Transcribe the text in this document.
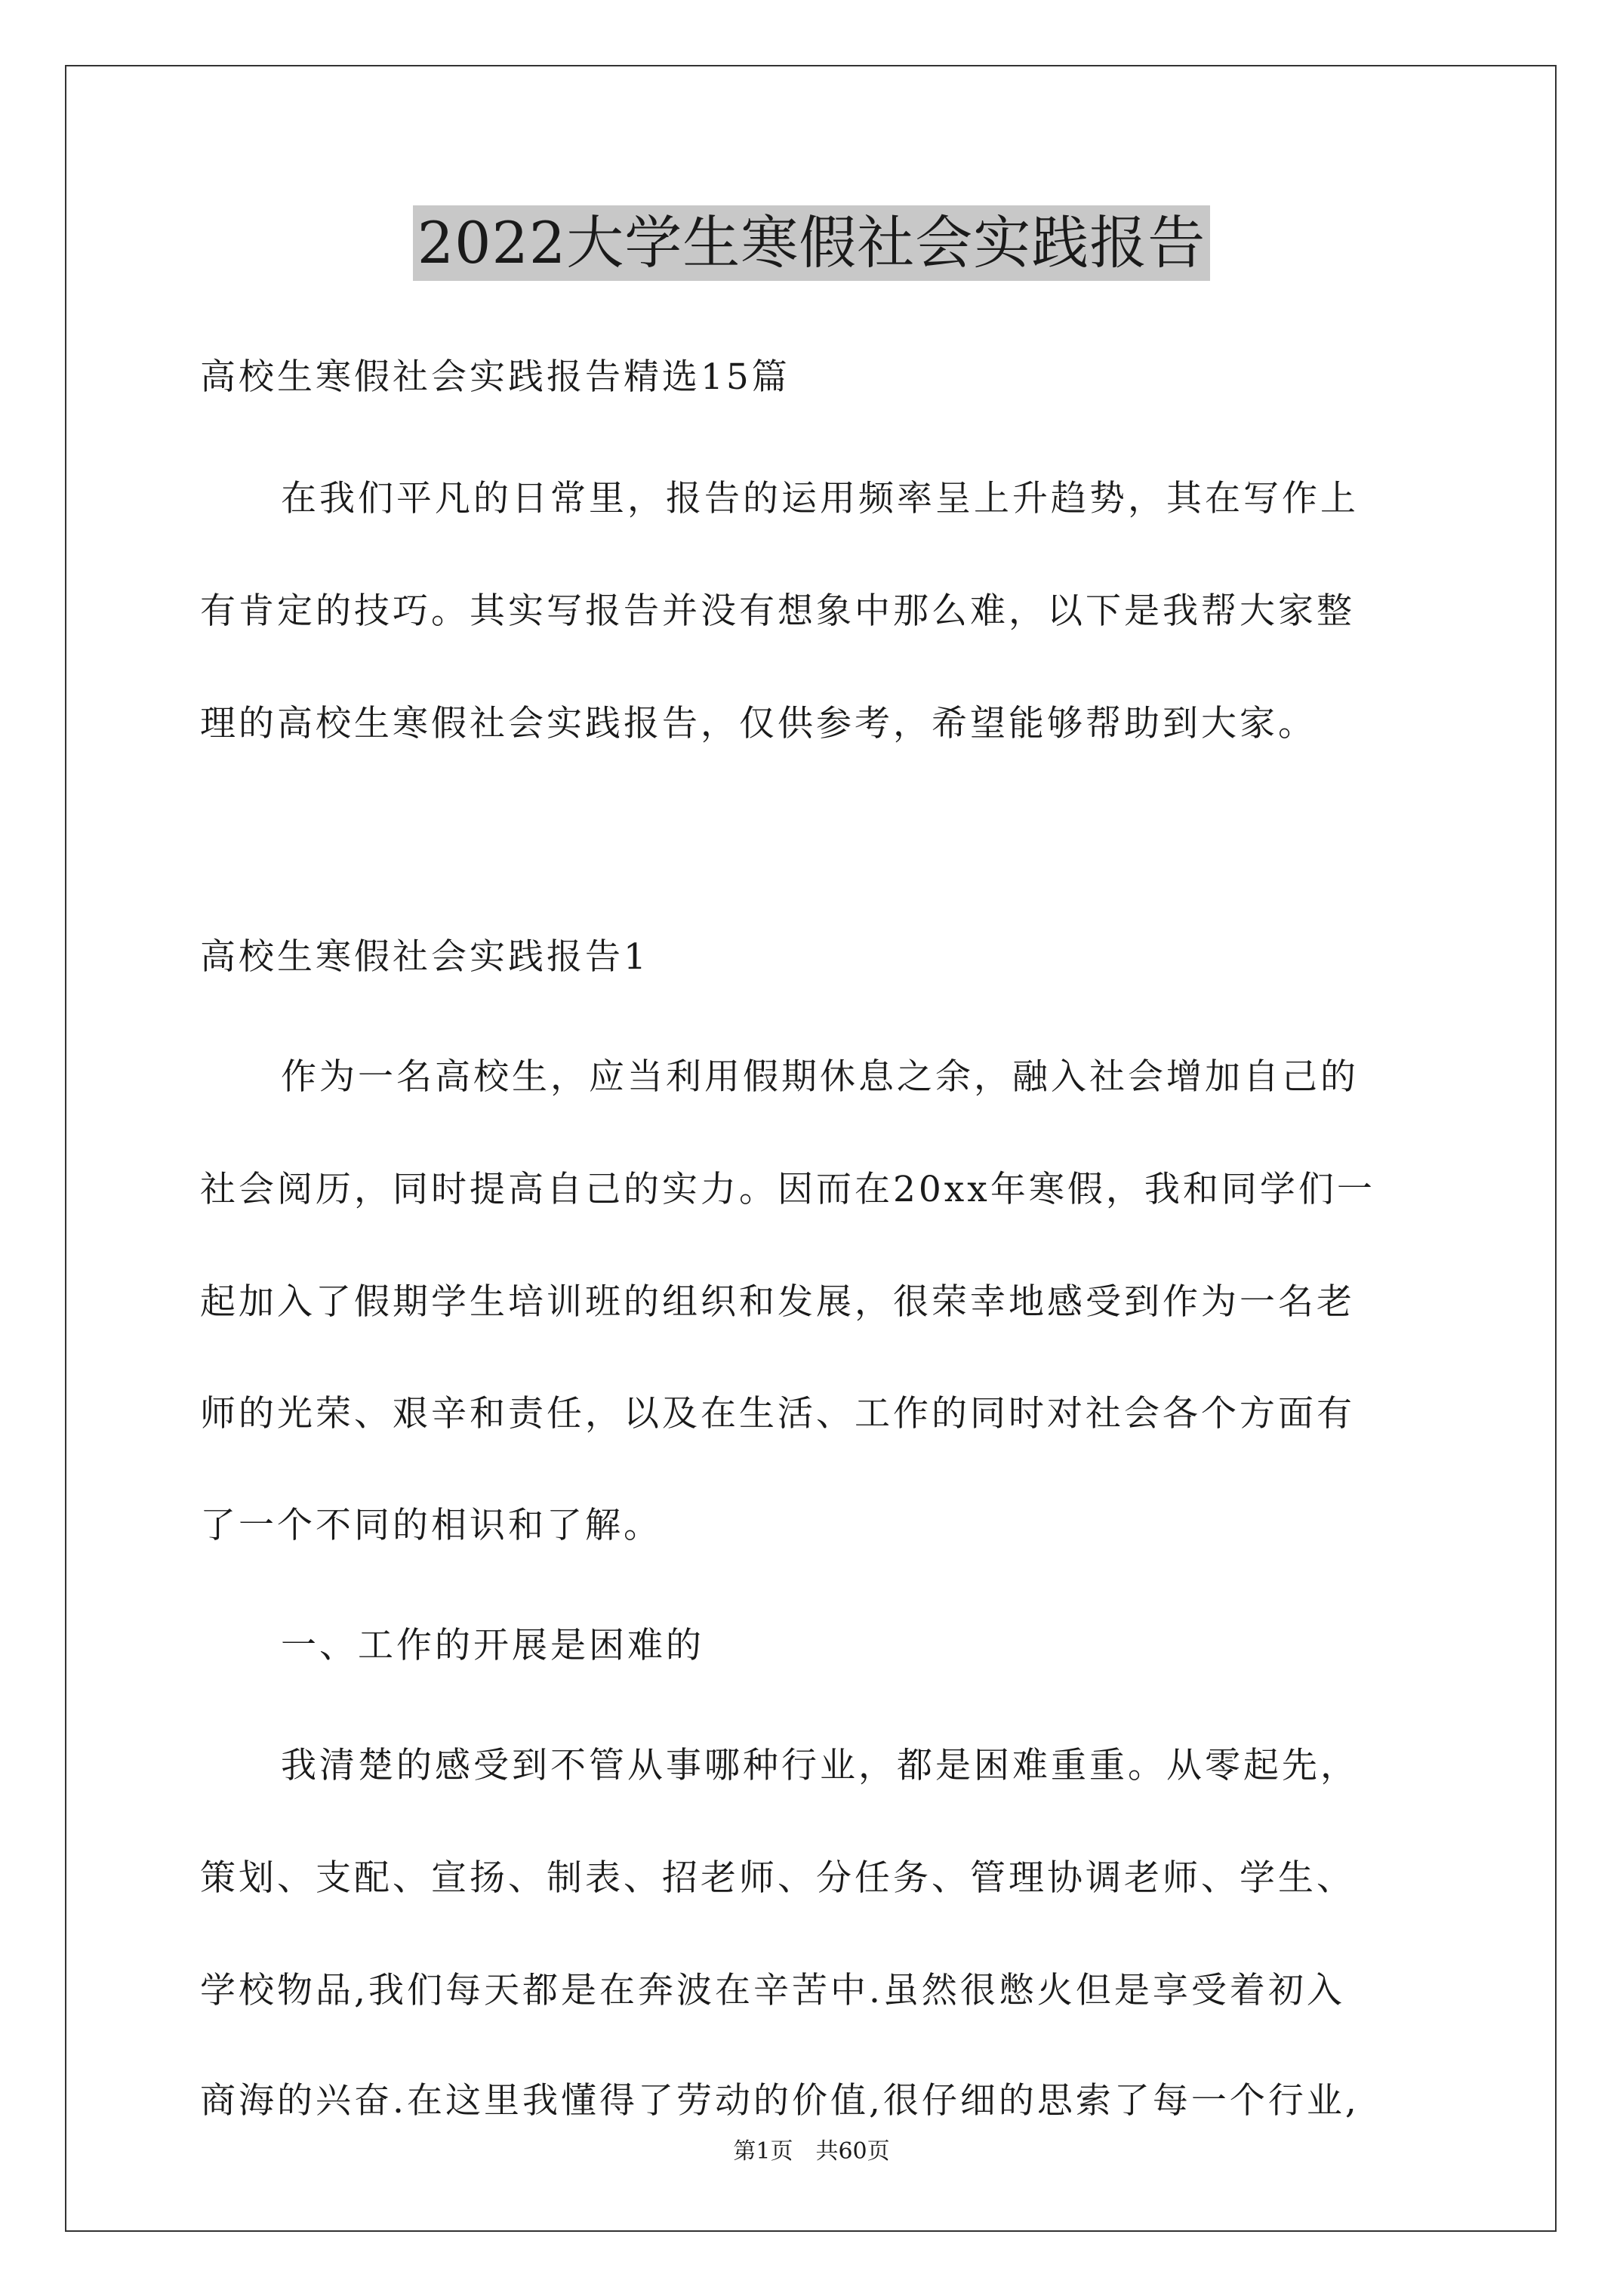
2022大学生寒假社会实践报告
高校生寒假社会实践报告精选15篇
在我们平凡的日常里，报告的运用频率呈上升趋势，其在写作上
有肯定的技巧。其实写报告并没有想象中那么难，以下是我帮大家整
理的高校生寒假社会实践报告，仅供参考，希望能够帮助到大家。
高校生寒假社会实践报告1
作为一名高校生，应当利用假期休息之余，融入社会增加自己的
社会阅历，同时提高自己的实力。因而在20xx年寒假，我和同学们一
起加入了假期学生培训班的组织和发展，很荣幸地感受到作为一名老
师的光荣、艰辛和责任，以及在生活、工作的同时对社会各个方面有
了一个不同的相识和了解。
一、工作的开展是困难的
我清楚的感受到不管从事哪种行业，都是困难重重。从零起先，
策划、支配、宣扬、制表、招老师、分任务、管理协调老师、学生、
学校物品,我们每天都是在奔波在辛苦中.虽然很憋火但是享受着初入
商海的兴奋.在这里我懂得了劳动的价值,很仔细的思索了每一个行业,
第1页　共60页
